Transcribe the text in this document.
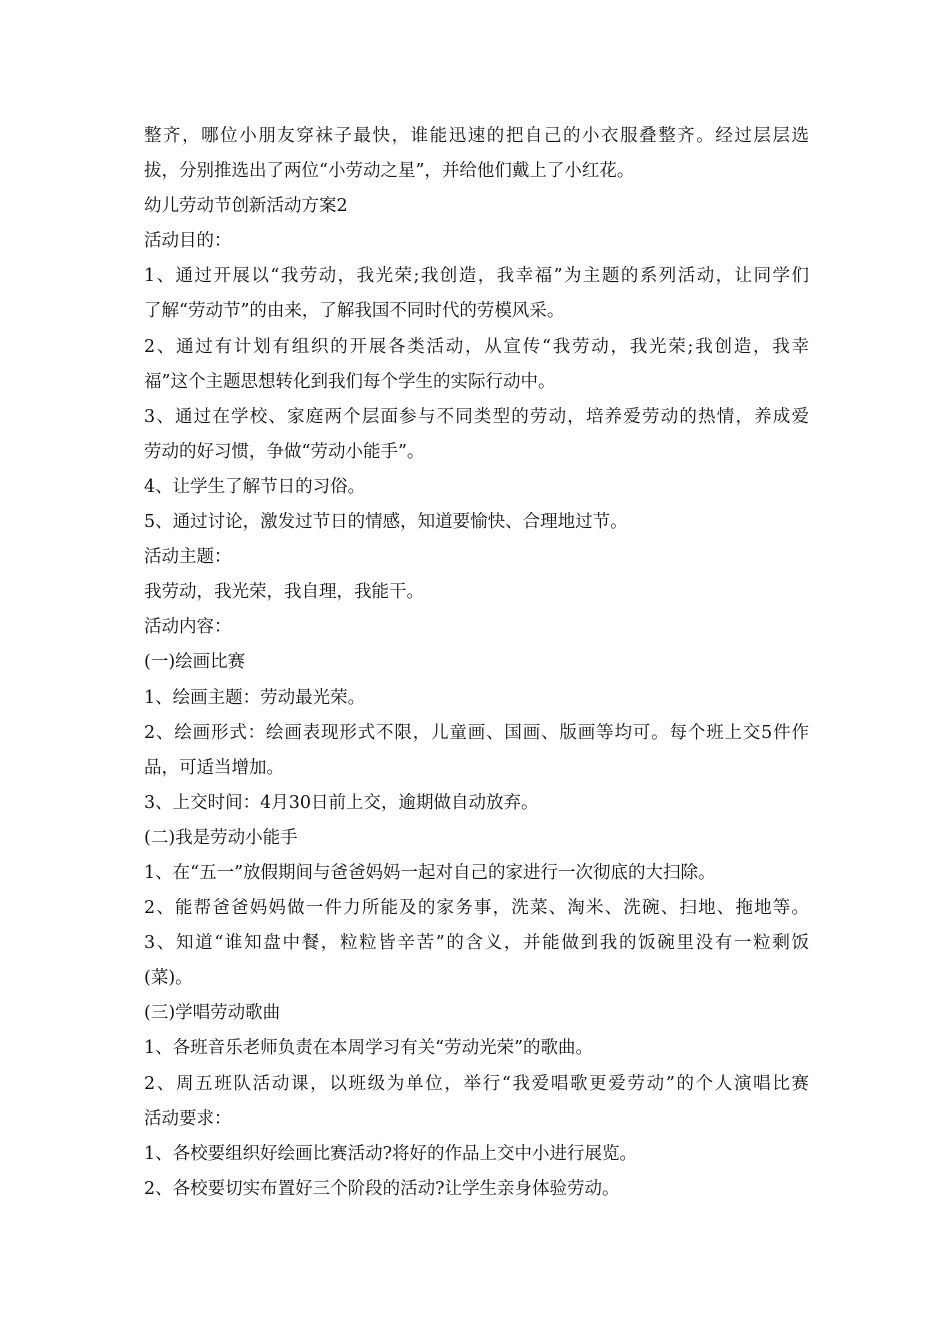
整齐，哪位小朋友穿袜子最快，谁能迅速的把自己的小衣服叠整齐。经过层层选
拔，分别推选出了两位“小劳动之星”，并给他们戴上了小红花。
幼儿劳动节创新活动方案2
活动目的：
1、通过开展以“我劳动，我光荣;我创造，我幸福”为主题的系列活动，让同学们
了解“劳动节”的由来，了解我国不同时代的劳模风采。
2、通过有计划有组织的开展各类活动，从宣传“我劳动，我光荣;我创造，我幸
福”这个主题思想转化到我们每个学生的实际行动中。
3、通过在学校、家庭两个层面参与不同类型的劳动，培养爱劳动的热情，养成爱
劳动的好习惯，争做“劳动小能手”。
4、让学生了解节日的习俗。
5、通过讨论，激发过节日的情感，知道要愉快、合理地过节。
活动主题：
我劳动，我光荣，我自理，我能干。
活动内容：
(一)绘画比赛
1、绘画主题：劳动最光荣。
2、绘画形式：绘画表现形式不限，儿童画、国画、版画等均可。每个班上交5件作
品，可适当增加。
3、上交时间：4月30日前上交，逾期做自动放弃。
(二)我是劳动小能手
1、在“五一”放假期间与爸爸妈妈一起对自己的家进行一次彻底的大扫除。
2、能帮爸爸妈妈做一件力所能及的家务事，洗菜、淘米、洗碗、扫地、拖地等。
3、知道“谁知盘中餐，粒粒皆辛苦”的含义，并能做到我的饭碗里没有一粒剩饭
(菜)。
(三)学唱劳动歌曲
1、各班音乐老师负责在本周学习有关“劳动光荣”的歌曲。
2、周五班队活动课，以班级为单位，举行“我爱唱歌更爱劳动”的个人演唱比赛
活动要求：
1、各校要组织好绘画比赛活动?将好的作品上交中小进行展览。
2、各校要切实布置好三个阶段的活动?让学生亲身体验劳动。
